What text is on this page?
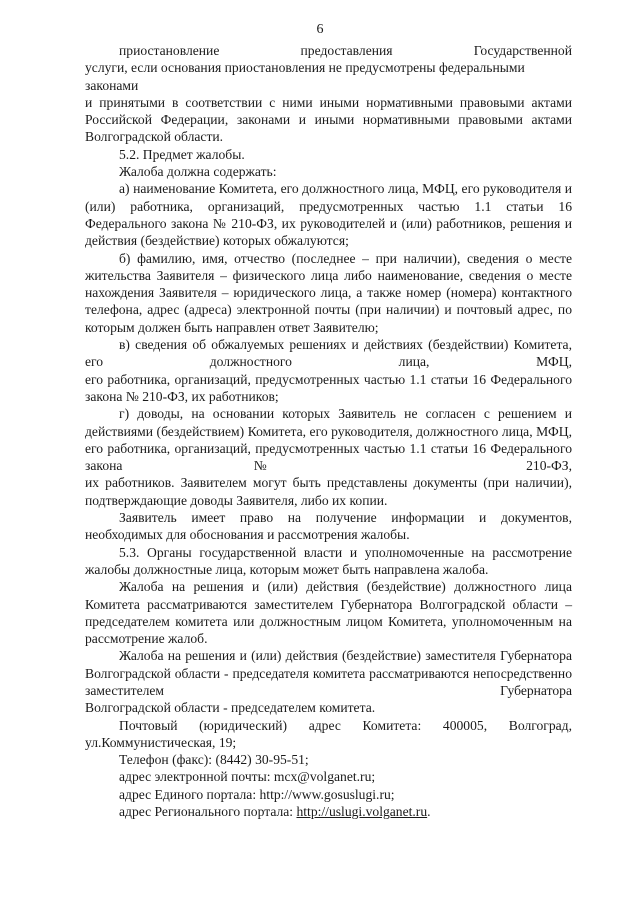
6

приостановление предоставления Государственной

услуги, если основания приостановления не предусмотрены федеральными законами

и принятыми в соответствии с ними иными нормативными правовыми актами Российской Федерации, законами и иными нормативными правовыми актами Волгоградской области.

5.2. Предмет жалобы.

Жалоба должна содержать:

а) наименование Комитета, его должностного лица, МФЦ, его руководителя и (или) работника, организаций, предусмотренных частью 1.1 статьи 16 Федерального закона № 210-ФЗ, их руководителей и (или) работников, решения и действия (бездействие) которых обжалуются;

б) фамилию, имя, отчество (последнее – при наличии), сведения о месте жительства Заявителя – физического лица либо наименование, сведения о месте нахождения Заявителя – юридического лица, а также номер (номера) контактного телефона, адрес (адреса) электронной почты (при наличии) и почтовый адрес, по которым должен быть направлен ответ Заявителю;

в) сведения об обжалуемых решениях и действиях (бездействии) Комитета, его должностного лица, МФЦ,

его работника, организаций, предусмотренных частью 1.1 статьи 16 Федерального закона № 210-ФЗ, их работников;

г) доводы, на основании которых Заявитель не согласен с решением и действиями (бездействием) Комитета, его руководителя, должностного лица, МФЦ, его работника, организаций, предусмотренных частью 1.1 статьи 16 Федерального закона № 210-ФЗ,

их работников. Заявителем могут быть представлены документы (при наличии), подтверждающие доводы Заявителя, либо их копии.

Заявитель имеет право на получение информации и документов, необходимых для обоснования и рассмотрения жалобы.

5.3. Органы государственной власти и уполномоченные на рассмотрение жалобы должностные лица, которым может быть направлена жалоба.

Жалоба на решения и (или) действия (бездействие) должностного лица Комитета рассматриваются заместителем Губернатора Волгоградской области – председателем комитета или должностным лицом Комитета, уполномоченным на рассмотрение жалоб.

Жалоба на решения и (или) действия (бездействие) заместителя Губернатора Волгоградской области - председателя комитета рассматриваются непосредственно заместителем Губернатора

Волгоградской области - председателем комитета.

Почтовый (юридический) адрес Комитета: 400005, Волгоград, ул.Коммунистическая, 19;

Телефон (факс): (8442) 30-95-51;

адрес электронной почты: mcx@volganet.ru;

адрес Единого портала: http://www.gosuslugi.ru;

адрес Регионального портала: http://uslugi.volganet.ru.
